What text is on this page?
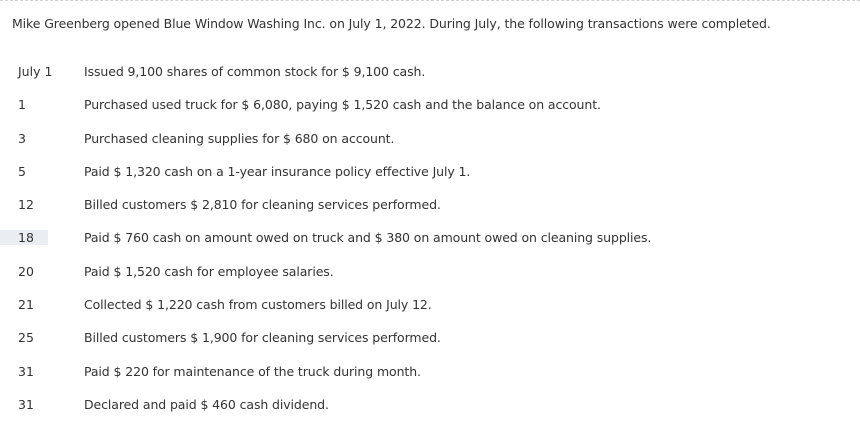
Mike Greenberg opened Blue Window Washing Inc. on July 1, 2022. During July, the following transactions were completed.
July 1	Issued 9,100 shares of common stock for $ 9,100 cash.
1	Purchased used truck for $ 6,080, paying $ 1,520 cash and the balance on account.
3	Purchased cleaning supplies for $ 680 on account.
5	Paid $ 1,320 cash on a 1-year insurance policy effective July 1.
12	Billed customers $ 2,810 for cleaning services performed.
18	Paid $ 760 cash on amount owed on truck and $ 380 on amount owed on cleaning supplies.
20	Paid $ 1,520 cash for employee salaries.
21	Collected $ 1,220 cash from customers billed on July 12.
25	Billed customers $ 1,900 for cleaning services performed.
31	Paid $ 220 for maintenance of the truck during month.
31	Declared and paid $ 460 cash dividend.
